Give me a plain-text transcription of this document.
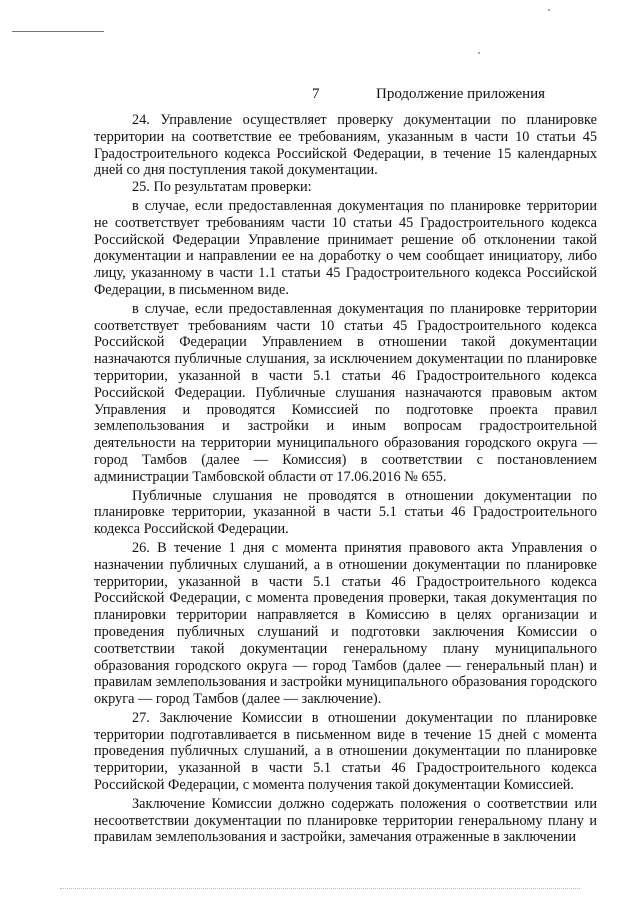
7	Продолжение приложения

24. Управление осуществляет проверку документации по планировке территории на соответствие ее требованиям, указанным в части 10 статьи 45 Градостроительного кодекса Российской Федерации, в течение 15 календарных дней со дня поступления такой документации.

25. По результатам проверки:

в случае, если предоставленная документация по планировке территории не соответствует требованиям части 10 статьи 45 Градостроительного кодекса Российской Федерации Управление принимает решение об отклонении такой документации и направлении ее на доработку о чем сообщает инициатору, либо лицу, указанному в части 1.1 статьи 45 Градостроительного кодекса Российской Федерации, в письменном виде.

в случае, если предоставленная документация по планировке территории соответствует требованиям части 10 статьи 45 Градостроительного кодекса Российской Федерации Управлением в отношении такой документации назначаются публичные слушания, за исключением документации по планировке территории, указанной в части 5.1 статьи 46 Градостроительного кодекса Российской Федерации. Публичные слушания назначаются правовым актом Управления и проводятся Комиссией по подготовке проекта правил землепользования и застройки и иным вопросам градостроительной деятельности на территории муниципального образования городского округа — город Тамбов (далее — Комиссия) в соответствии с постановлением администрации Тамбовской области от 17.06.2016 № 655.

Публичные слушания не проводятся в отношении документации по планировке территории, указанной в части 5.1 статьи 46 Градостроительного кодекса Российской Федерации.

26. В течение 1 дня с момента принятия правового акта Управления о назначении публичных слушаний, а в отношении документации по планировке территории, указанной в части 5.1 статьи 46 Градостроительного кодекса Российской Федерации, с момента проведения проверки, такая документация по планировки территории направляется в Комиссию в целях организации и проведения публичных слушаний и подготовки заключения Комиссии о соответствии такой документации генеральному плану муниципального образования городского округа — город Тамбов (далее — генеральный план) и правилам землепользования и застройки муниципального образования городского округа — город Тамбов (далее — заключение).

27. Заключение Комиссии в отношении документации по планировке территории подготавливается в письменном виде в течение 15 дней с момента проведения публичных слушаний, а в отношении документации по планировке территории, указанной в части 5.1 статьи 46 Градостроительного кодекса Российской Федерации, с момента получения такой документации Комиссией.

Заключение Комиссии должно содержать положения о соответствии или несоответствии документации по планировке территории генеральному плану и правилам землепользования и застройки, замечания отраженные в заключении
